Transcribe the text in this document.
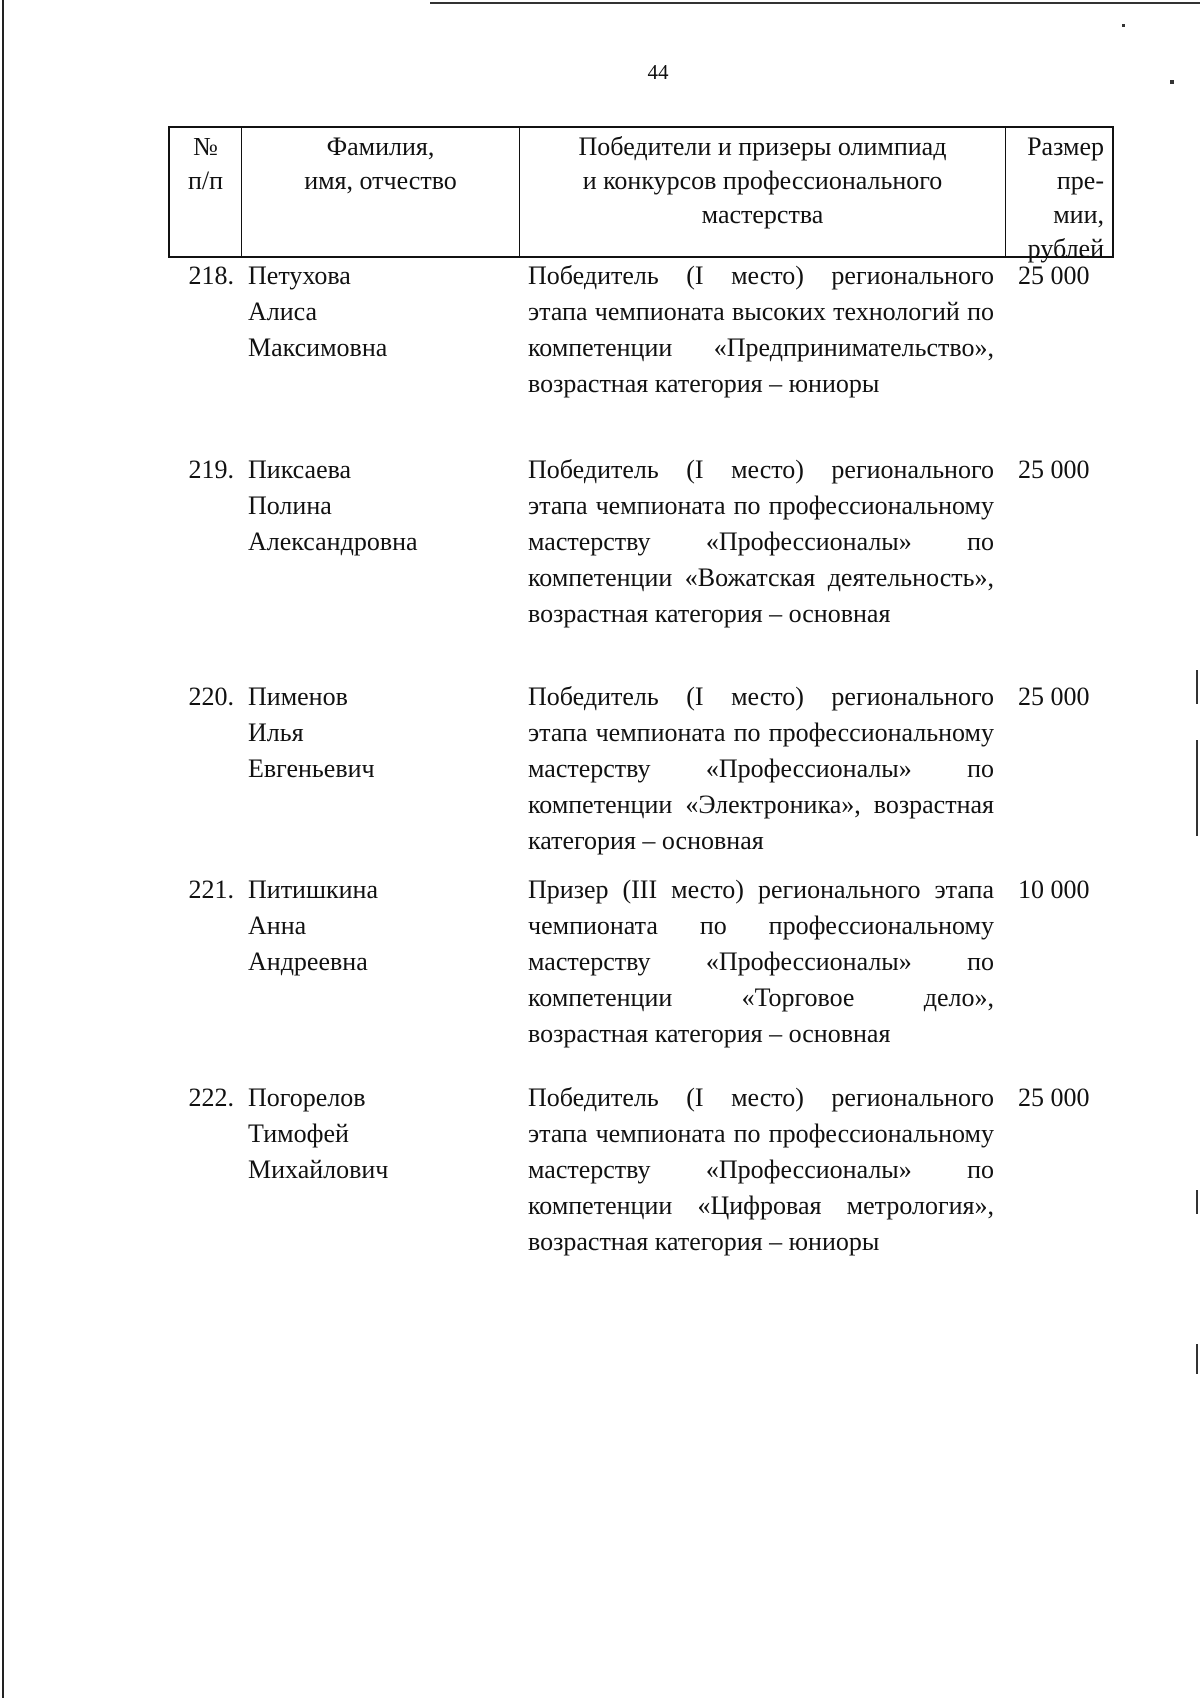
44
№
п/п
Фамилия,
имя, отчество
Победители и призеры олимпиад
и конкурсов профессионального
мастерства
Размер
пре-
мии,
рублей
218. Петухова
Алиса
Максимовна
Победитель (I место) регионального этапа чемпионата высоких технологий по компетенции «Предпринимательство», возрастная категория – юниоры
25 000
219. Пиксаева
Полина
Александровна
Победитель (I место) регионального этапа чемпионата по профессиональному мастерству «Профессионалы» по компетенции «Вожатская деятельность», возрастная категория – основная
25 000
220. Пименов
Илья
Евгеньевич
Победитель (I место) регионального этапа чемпионата по профессиональному мастерству «Профессионалы» по компетенции «Электроника», возрастная категория – основная
25 000
221. Питишкина
Анна
Андреевна
Призер (III место) регионального этапа чемпионата по профессиональному мастерству «Профессионалы» по компетенции «Торговое дело», возрастная категория – основная
10 000
222. Погорелов
Тимофей
Михайлович
Победитель (I место) регионального этапа чемпионата по профессиональному мастерству «Профессионалы» по компетенции «Цифровая метрология», возрастная категория – юниоры
25 000
